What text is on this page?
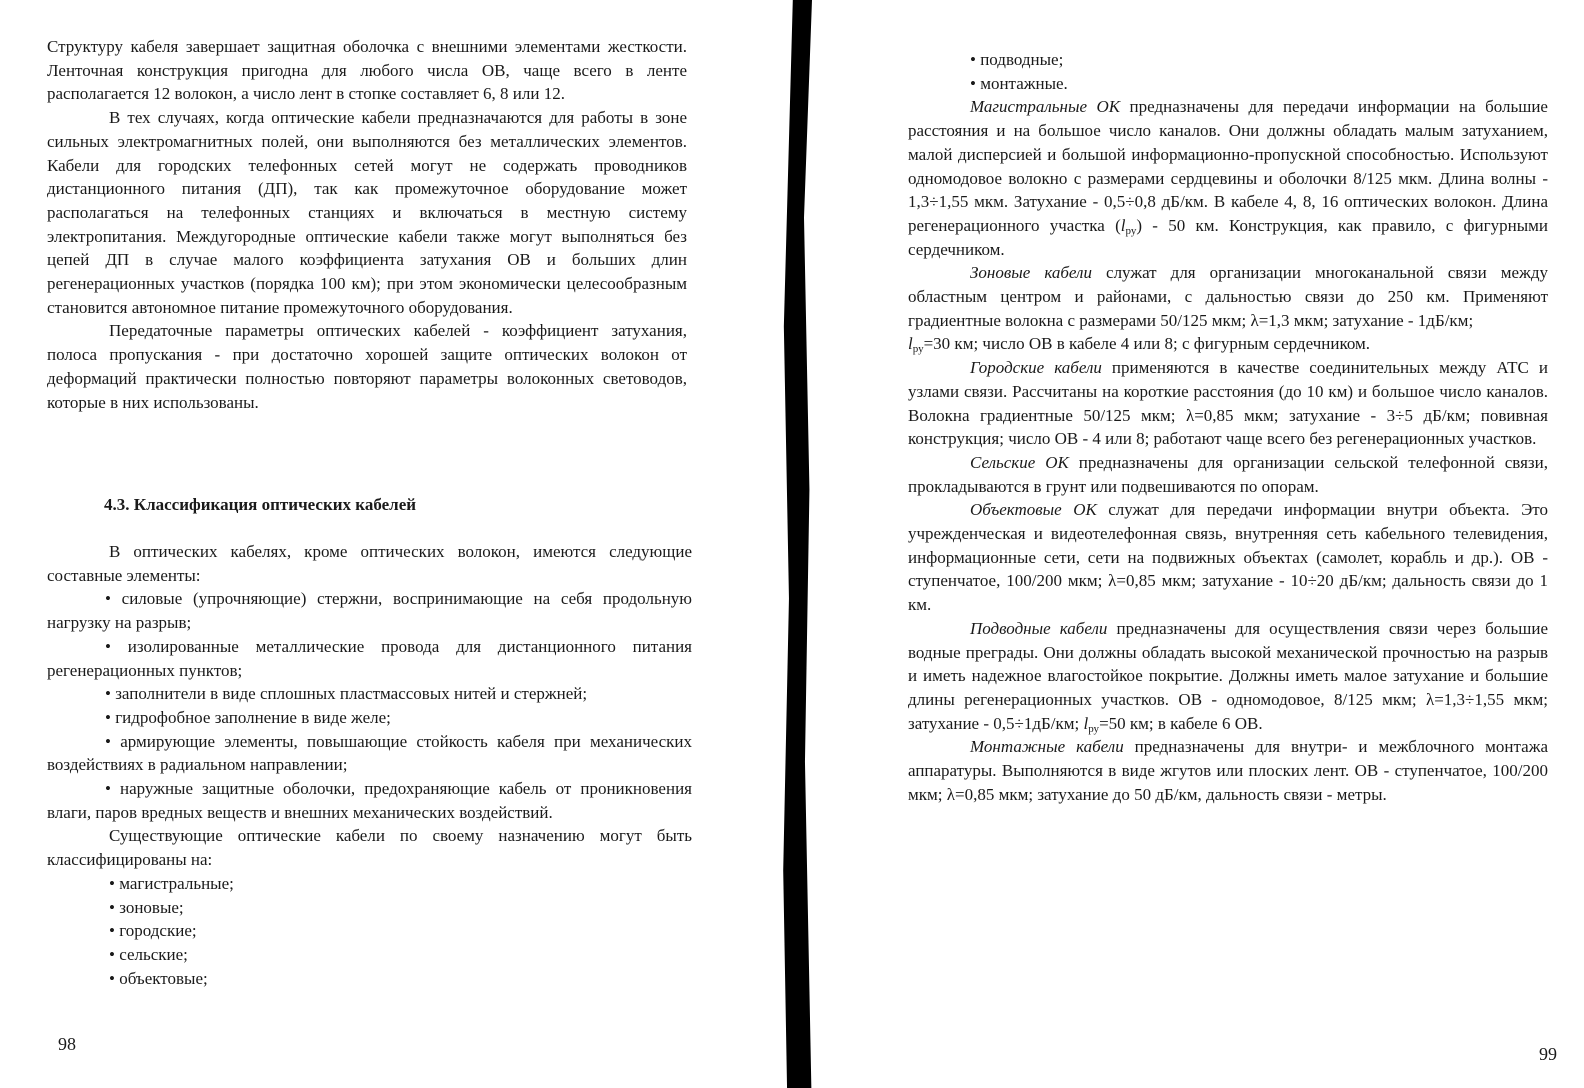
Структуру кабеля завершает защитная оболочка с внешними элементами жесткости. Ленточная конструкция пригодна для любого числа ОВ, чаще всего в ленте располагается 12 волокон, а число лент в стопке составляет 6, 8 или 12.

В тех случаях, когда оптические кабели предназначаются для работы в зоне сильных электромагнитных полей, они выполняются без металлических элементов. Кабели для городских телефонных сетей могут не содержать проводников дистанционного питания (ДП), так как промежуточное оборудование может располагаться на телефонных станциях и включаться в местную систему электропитания. Междугородные оптические кабели также могут выполняться без цепей ДП в случае малого коэффициента затухания ОВ и больших длин регенерационных участков (порядка 100 км); при этом экономически целесообразным становится автономное питание промежуточного оборудования.

Передаточные параметры оптических кабелей - коэффициент затухания, полоса пропускания - при достаточно хорошей защите оптических волокон от деформаций практически полностью повторяют параметры волоконных световодов, которые в них использованы.

4.3. Классификация оптических кабелей

В оптических кабелях, кроме оптических волокон, имеются следующие составные элементы:

• силовые (упрочняющие) стержни, воспринимающие на себя продольную нагрузку на разрыв;

• изолированные металлические провода для дистанционного питания регенерационных пунктов;

• заполнители в виде сплошных пластмассовых нитей и стержней;

• гидрофобное заполнение в виде желе;

• армирующие элементы, повышающие стойкость кабеля при механических воздействиях в радиальном направлении;

• наружные защитные оболочки, предохраняющие кабель от проникновения влаги, паров вредных веществ и внешних механических воздействий.

Существующие оптические кабели по своему назначению могут быть классифицированы на:

• магистральные;

• зоновые;

• городские;

• сельские;

• объектовые;

98

• подводные;

• монтажные.

Магистральные ОК предназначены для передачи информации на большие расстояния и на большое число каналов. Они должны обладать малым затуханием, малой дисперсией и большой информационно-пропускной способностью. Используют одномодовое волокно с размерами сердцевины и оболочки 8/125 мкм. Длина волны - 1,3÷1,55 мкм. Затухание - 0,5÷0,8 дБ/км. В кабеле 4, 8, 16 оптических волокон. Длина регенерационного участка $(l_{ру}) - 50$ км. Конструкция, как правило, с фигурными сердечником.

Зоновые кабели служат для организации многоканальной связи между областным центром и районами, с дальностью связи до 250 км. Применяют градиентные волокна с размерами 50/125 мкм; λ=1,3 мкм; затухание - 1дБ/км;

$l_{ру}=30$ км; число ОВ в кабеле 4 или 8; с фигурным сердечником.

Городские кабели применяются в качестве соединительных между АТС и узлами связи. Рассчитаны на короткие расстояния (до 10 км) и большое число каналов. Волокна градиентные 50/125 мкм; λ=0,85 мкм; затухание - 3÷5 дБ/км; повивная конструкция; число ОВ - 4 или 8; работают чаще всего без регенерационных участков.

Сельские ОК предназначены для организации сельской телефонной связи, прокладываются в грунт или подвешиваются по опорам.

Объектовые ОК служат для передачи информации внутри объекта. Это учрежденческая и видеотелефонная связь, внутренняя сеть кабельного телевидения, информационные сети, сети на подвижных объектах (самолет, корабль и др.). ОВ - ступенчатое, 100/200 мкм; λ=0,85 мкм; затухание - 10÷20 дБ/км; дальность связи до 1 км.

Подводные кабели предназначены для осуществления связи через большие водные преграды. Они должны обладать высокой механической прочностью на разрыв и иметь надежное влагостойкое покрытие. Должны иметь малое затухание и большие длины регенерационных участков. ОВ - одномодовое, 8/125 мкм; λ=1,3÷1,55 мкм; затухание - 0,5÷1дБ/км; $l_{ру}=50$ км; в кабеле 6 ОВ.

Монтажные кабели предназначены для внутри- и межблочного монтажа аппаратуры. Выполняются в виде жгутов или плоских лент. ОВ - ступенчатое, 100/200 мкм; λ=0,85 мкм; затухание до 50 дБ/км, дальность связи - метры.

99
